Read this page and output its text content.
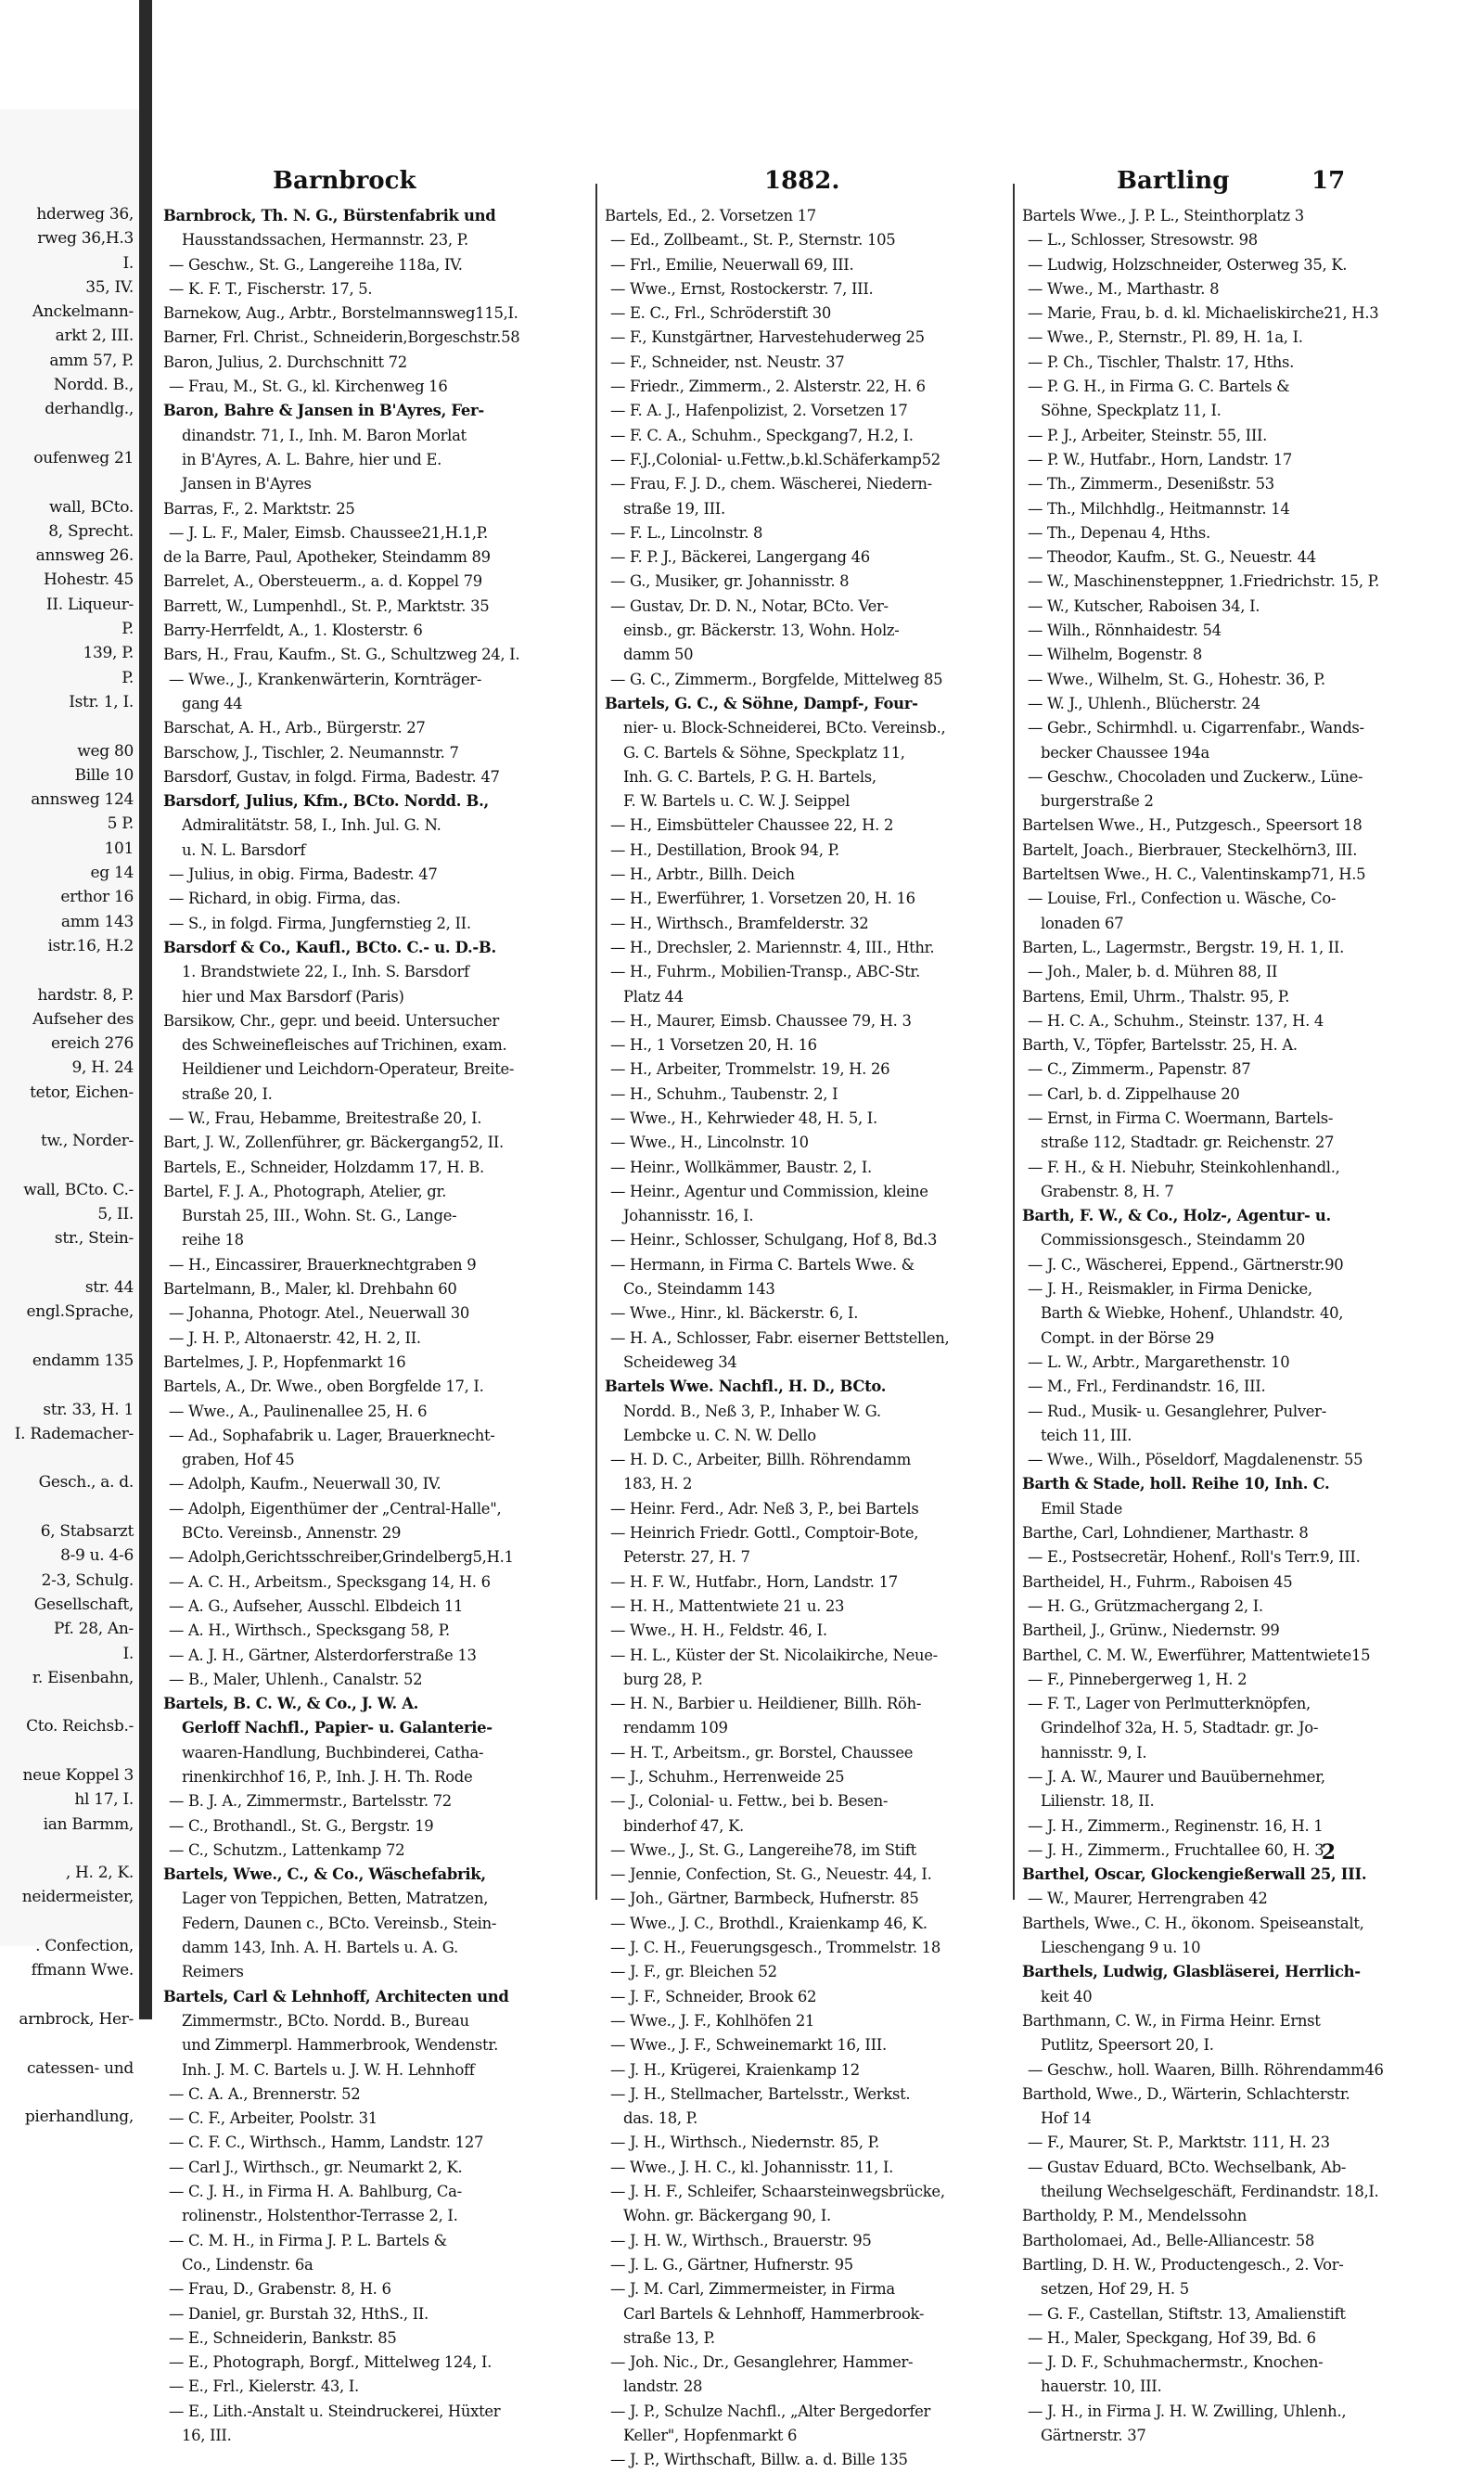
hderweg 36,
rweg 36,H.3
I.
35, IV.
Anckelmann-
arkt 2, III.
amm 57, P.
Nordd. B.,
derhandlg.,

oufenweg 21

wall, BCto.
8, Sprecht.
annsweg 26.
Hohestr. 45
II. Liqueur-
P.
139, P.
P.
Istr. 1, I.

weg 80
Bille 10
annsweg 124
5 P.
101
eg 14
erthor 16
amm 143
istr.16, H.2

hardstr. 8, P.
Aufseher des
ereich 276
9, H. 24
tetor, Eichen-

tw., Norder-

wall, BCto. C.-
5, II.
str., Stein-

str. 44
engl.Sprache,

endamm 135

str. 33, H. 1
I. Rademacher-

Gesch., a. d.

6, Stabsarzt
8-9 u. 4-6
2-3, Schulg.
Gesellschaft,
Pf. 28, An-
I.
r. Eisenbahn,

Cto. Reichsb.-

neue Koppel 3
hl 17, I.
ian Barmm,

, H. 2, K.
neidermeister,

. Confection,
ffmann Wwe.

arnbrock, Her-

catessen- und

pierhandlung,

Barnbrock	1882.	Bartling	17
Barnbrock, Th. N. G., Bürstenfabrik und
Hausstandssachen, Hermannstr. 23, P.
— Geschw., St. G., Langereihe 118a, IV.
— K. F. T., Fischerstr. 17, 5.
Barnekow, Aug., Arbtr., Borstelmannsweg115,I.
Barner, Frl. Christ., Schneiderin,Borgeschstr.58
Baron, Julius, 2. Durchschnitt 72
— Frau, M., St. G., kl. Kirchenweg 16
Baron, Bahre & Jansen in B'Ayres, Fer-
dinandstr. 71, I., Inh. M. Baron Morlat
in B'Ayres, A. L. Bahre, hier und E.
Jansen in B'Ayres
Barras, F., 2. Marktstr. 25
— J. L. F., Maler, Eimsb. Chaussee21,H.1,P.
de la Barre, Paul, Apotheker, Steindamm 89
Barrelet, A., Obersteuerm., a. d. Koppel 79
Barrett, W., Lumpenhdl., St. P., Marktstr. 35
Barry-Herrfeldt, A., 1. Klosterstr. 6
Bars, H., Frau, Kaufm., St. G., Schultzweg 24, I.
— Wwe., J., Krankenwärterin, Kornträger-
gang 44
Barschat, A. H., Arb., Bürgerstr. 27
Barschow, J., Tischler, 2. Neumannstr. 7
Barsdorf, Gustav, in folgd. Firma, Badestr. 47
Barsdorf, Julius, Kfm., BCto. Nordd. B.,
Admiralitätstr. 58, I., Inh. Jul. G. N.
u. N. L. Barsdorf
— Julius, in obig. Firma, Badestr. 47
— Richard, in obig. Firma, das.
— S., in folgd. Firma, Jungfernstieg 2, II.
Barsdorf & Co., Kaufl., BCto. C.- u. D.-B.
1. Brandstwiete 22, I., Inh. S. Barsdorf
hier und Max Barsdorf (Paris)
Barsikow, Chr., gepr. und beeid. Untersucher
des Schweinefleisches auf Trichinen, exam.
Heildiener und Leichdorn-Operateur, Breite-
straße 20, I.
— W., Frau, Hebamme, Breitestraße 20, I.
Bart, J. W., Zollenführer, gr. Bäckergang52, II.
Bartels, E., Schneider, Holzdamm 17, H. B.
Bartel, F. J. A., Photograph, Atelier, gr.
Burstah 25, III., Wohn. St. G., Lange-
reihe 18
— H., Eincassirer, Brauerknechtgraben 9
Bartelmann, B., Maler, kl. Drehbahn 60
— Johanna, Photogr. Atel., Neuerwall 30
— J. H. P., Altonaerstr. 42, H. 2, II.
Bartelmes, J. P., Hopfenmarkt 16
Bartels, A., Dr. Wwe., oben Borgfelde 17, I.
— Wwe., A., Paulinenallee 25, H. 6
— Ad., Sophafabrik u. Lager, Brauerknecht-
graben, Hof 45
— Adolph, Kaufm., Neuerwall 30, IV.
— Adolph, Eigenthümer der „Central-Halle",
BCto. Vereinsb., Annenstr. 29
— Adolph,Gerichtsschreiber,Grindelberg5,H.1
— A. C. H., Arbeitsm., Specksgang 14, H. 6
— A. G., Aufseher, Ausschl. Elbdeich 11
— A. H., Wirthsch., Specksgang 58, P.
— A. J. H., Gärtner, Alsterdorferstraße 13
— B., Maler, Uhlenh., Canalstr. 52
Bartels, B. C. W., & Co., J. W. A.
Gerloff Nachfl., Papier- u. Galanterie-
waaren-Handlung, Buchbinderei, Catha-
rinenkirchhof 16, P., Inh. J. H. Th. Rode
— B. J. A., Zimmermstr., Bartelsstr. 72
— C., Brothandl., St. G., Bergstr. 19
— C., Schutzm., Lattenkamp 72
Bartels, Wwe., C., & Co., Wäschefabrik,
Lager von Teppichen, Betten, Matratzen,
Federn, Daunen c., BCto. Vereinsb., Stein-
damm 143, Inh. A. H. Bartels u. A. G.
Reimers
Bartels, Carl & Lehnhoff, Architecten und
Zimmermstr., BCto. Nordd. B., Bureau
und Zimmerpl. Hammerbrook, Wendenstr.
Inh. J. M. C. Bartels u. J. W. H. Lehnhoff
— C. A. A., Brennerstr. 52
— C. F., Arbeiter, Poolstr. 31
— C. F. C., Wirthsch., Hamm, Landstr. 127
— Carl J., Wirthsch., gr. Neumarkt 2, K.
— C. J. H., in Firma H. A. Bahlburg, Ca-
rolinenstr., Holstenthor-Terrasse 2, I.
— C. M. H., in Firma J. P. L. Bartels &
Co., Lindenstr. 6a
— Frau, D., Grabenstr. 8, H. 6
— Daniel, gr. Burstah 32, HthS., II.
— E., Schneiderin, Bankstr. 85
— E., Photograph, Borgf., Mittelweg 124, I.
— E., Frl., Kielerstr. 43, I.
— E., Lith.-Anstalt u. Steindruckerei, Hüxter
16, III.
Bartels, Ed., 2. Vorsetzen 17
— Ed., Zollbeamt., St. P., Sternstr. 105
— Frl., Emilie, Neuerwall 69, III.
— Wwe., Ernst, Rostockerstr. 7, III.
— E. C., Frl., Schröderstift 30
— F., Kunstgärtner, Harvestehuderweg 25
— F., Schneider, nst. Neustr. 37
— Friedr., Zimmerm., 2. Alsterstr. 22, H. 6
— F. A. J., Hafenpolizist, 2. Vorsetzen 17
— F. C. A., Schuhm., Speckgang7, H.2, I.
— F.J.,Colonial- u.Fettw.,b.kl.Schäferkamp52
— Frau, F. J. D., chem. Wäscherei, Niedern-
straße 19, III.
— F. L., Lincolnstr. 8
— F. P. J., Bäckerei, Langergang 46
— G., Musiker, gr. Johannisstr. 8
— Gustav, Dr. D. N., Notar, BCto. Ver-
einsb., gr. Bäckerstr. 13, Wohn. Holz-
damm 50
— G. C., Zimmerm., Borgfelde, Mittelweg 85
Bartels, G. C., & Söhne, Dampf-, Four-
nier- u. Block-Schneiderei, BCto. Vereinsb.,
G. C. Bartels & Söhne, Speckplatz 11,
Inh. G. C. Bartels, P. G. H. Bartels,
F. W. Bartels u. C. W. J. Seippel
— H., Eimsbütteler Chaussee 22, H. 2
— H., Destillation, Brook 94, P.
— H., Arbtr., Billh. Deich
— H., Ewerführer, 1. Vorsetzen 20, H. 16
— H., Wirthsch., Bramfelderstr. 32
— H., Drechsler, 2. Mariennstr. 4, III., Hthr.
— H., Fuhrm., Mobilien-Transp., ABC-Str.
Platz 44
— H., Maurer, Eimsb. Chaussee 79, H. 3
— H., 1 Vorsetzen 20, H. 16
— H., Arbeiter, Trommelstr. 19, H. 26
— H., Schuhm., Taubenstr. 2, I
— Wwe., H., Kehrwieder 48, H. 5, I.
— Wwe., H., Lincolnstr. 10
— Heinr., Wollkämmer, Baustr. 2, I.
— Heinr., Agentur und Commission, kleine
Johannisstr. 16, I.
— Heinr., Schlosser, Schulgang, Hof 8, Bd.3
— Hermann, in Firma C. Bartels Wwe. &
Co., Steindamm 143
— Wwe., Hinr., kl. Bäckerstr. 6, I.
— H. A., Schlosser, Fabr. eiserner Bettstellen,
Scheideweg 34
Bartels Wwe. Nachfl., H. D., BCto.
Nordd. B., Neß 3, P., Inhaber W. G.
Lembcke u. C. N. W. Dello
— H. D. C., Arbeiter, Billh. Röhrendamm
183, H. 2
— Heinr. Ferd., Adr. Neß 3, P., bei Bartels
— Heinrich Friedr. Gottl., Comptoir-Bote,
Peterstr. 27, H. 7
— H. F. W., Hutfabr., Horn, Landstr. 17
— H. H., Mattentwiete 21 u. 23
— Wwe., H. H., Feldstr. 46, I.
— H. L., Küster der St. Nicolaikirche, Neue-
burg 28, P.
— H. N., Barbier u. Heildiener, Billh. Röh-
rendamm 109
— H. T., Arbeitsm., gr. Borstel, Chaussee
— J., Schuhm., Herrenweide 25
— J., Colonial- u. Fettw., bei b. Besen-
binderhof 47, K.
— Wwe., J., St. G., Langereihe78, im Stift
— Jennie, Confection, St. G., Neuestr. 44, I.
— Joh., Gärtner, Barmbeck, Hufnerstr. 85
— Wwe., J. C., Brothdl., Kraienkamp 46, K.
— J. C. H., Feuerungsgesch., Trommelstr. 18
— J. F., gr. Bleichen 52
— J. F., Schneider, Brook 62
— Wwe., J. F., Kohlhöfen 21
— Wwe., J. F., Schweinemarkt 16, III.
— J. H., Krügerei, Kraienkamp 12
— J. H., Stellmacher, Bartelsstr., Werkst.
das. 18, P.
— J. H., Wirthsch., Niedernstr. 85, P.
— Wwe., J. H. C., kl. Johannisstr. 11, I.
— J. H. F., Schleifer, Schaarsteinwegsbrücke,
Wohn. gr. Bäckergang 90, I.
— J. H. W., Wirthsch., Brauerstr. 95
— J. L. G., Gärtner, Hufnerstr. 95
— J. M. Carl, Zimmermeister, in Firma
Carl Bartels & Lehnhoff, Hammerbrook-
straße 13, P.
— Joh. Nic., Dr., Gesanglehrer, Hammer-
landstr. 28
— J. P., Schulze Nachfl., „Alter Bergedorfer
Keller", Hopfenmarkt 6
— J. P., Wirthschaft, Billw. a. d. Bille 135
Bartels Wwe., J. P. L., Steinthorplatz 3
— L., Schlosser, Stresowstr. 98
— Ludwig, Holzschneider, Osterweg 35, K.
— Wwe., M., Marthastr. 8
— Marie, Frau, b. d. kl. Michaeliskirche21, H.3
— Wwe., P., Sternstr., Pl. 89, H. 1a, I.
— P. Ch., Tischler, Thalstr. 17, Hths.
— P. G. H., in Firma G. C. Bartels &
Söhne, Speckplatz 11, I.
— P. J., Arbeiter, Steinstr. 55, III.
— P. W., Hutfabr., Horn, Landstr. 17
— Th., Zimmerm., Desenißstr. 53
— Th., Milchhdlg., Heitmannstr. 14
— Th., Depenau 4, Hths.
— Theodor, Kaufm., St. G., Neuestr. 44
— W., Maschinensteppner, 1.Friedrichstr. 15, P.
— W., Kutscher, Raboisen 34, I.
— Wilh., Rönnhaidestr. 54
— Wilhelm, Bogenstr. 8
— Wwe., Wilhelm, St. G., Hohestr. 36, P.
— W. J., Uhlenh., Blücherstr. 24
— Gebr., Schirmhdl. u. Cigarrenfabr., Wands-
becker Chaussee 194a
— Geschw., Chocoladen und Zuckerw., Lüne-
burgerstraße 2
Bartelsen Wwe., H., Putzgesch., Speersort 18
Bartelt, Joach., Bierbrauer, Steckelhörn3, III.
Barteltsen Wwe., H. C., Valentinskamp71, H.5
— Louise, Frl., Confection u. Wäsche, Co-
lonaden 67
Barten, L., Lagermstr., Bergstr. 19, H. 1, II.
— Joh., Maler, b. d. Mühren 88, II
Bartens, Emil, Uhrm., Thalstr. 95, P.
— H. C. A., Schuhm., Steinstr. 137, H. 4
Barth, V., Töpfer, Bartelsstr. 25, H. A.
— C., Zimmerm., Papenstr. 87
— Carl, b. d. Zippelhause 20
— Ernst, in Firma C. Woermann, Bartels-
straße 112, Stadtadr. gr. Reichenstr. 27
— F. H., & H. Niebuhr, Steinkohlenhandl.,
Grabenstr. 8, H. 7
Barth, F. W., & Co., Holz-, Agentur- u.
Commissionsgesch., Steindamm 20
— J. C., Wäscherei, Eppend., Gärtnerstr.90
— J. H., Reismakler, in Firma Denicke,
Barth & Wiebke, Hohenf., Uhlandstr. 40,
Compt. in der Börse 29
— L. W., Arbtr., Margarethenstr. 10
— M., Frl., Ferdinandstr. 16, III.
— Rud., Musik- u. Gesanglehrer, Pulver-
teich 11, III.
— Wwe., Wilh., Pöseldorf, Magdalenenstr. 55
Barth & Stade, holl. Reihe 10, Inh. C.
Emil Stade
Barthe, Carl, Lohndiener, Marthastr. 8
— E., Postsecretär, Hohenf., Roll's Terr.9, III.
Bartheidel, H., Fuhrm., Raboisen 45
— H. G., Grützmachergang 2, I.
Bartheil, J., Grünw., Niedernstr. 99
Barthel, C. M. W., Ewerführer, Mattentwiete15
— F., Pinnebergerweg 1, H. 2
— F. T., Lager von Perlmutterknöpfen,
Grindelhof 32a, H. 5, Stadtadr. gr. Jo-
hannisstr. 9, I.
— J. A. W., Maurer und Bauübernehmer,
Lilienstr. 18, II.
— J. H., Zimmerm., Reginenstr. 16, H. 1
— J. H., Zimmerm., Fruchtallee 60, H. 3
Barthel, Oscar, Glockengießerwall 25, III.
— W., Maurer, Herrengraben 42
Barthels, Wwe., C. H., ökonom. Speiseanstalt,
Lieschengang 9 u. 10
Barthels, Ludwig, Glasbläserei, Herrlich-
keit 40
Barthmann, C. W., in Firma Heinr. Ernst
Putlitz, Speersort 20, I.
— Geschw., holl. Waaren, Billh. Röhrendamm46
Barthold, Wwe., D., Wärterin, Schlachterstr.
Hof 14
— F., Maurer, St. P., Marktstr. 111, H. 23
— Gustav Eduard, BCto. Wechselbank, Ab-
theilung Wechselgeschäft, Ferdinandstr. 18,I.
Bartholdy, P. M., Mendelssohn
Bartholomaei, Ad., Belle-Alliancestr. 58
Bartling, D. H. W., Productengesch., 2. Vor-
setzen, Hof 29, H. 5
— G. F., Castellan, Stiftstr. 13, Amalienstift
— H., Maler, Speckgang, Hof 39, Bd. 6
— J. D. F., Schuhmachermstr., Knochen-
hauerstr. 10, III.
— J. H., in Firma J. H. W. Zwilling, Uhlenh.,
Gärtnerstr. 37
2
